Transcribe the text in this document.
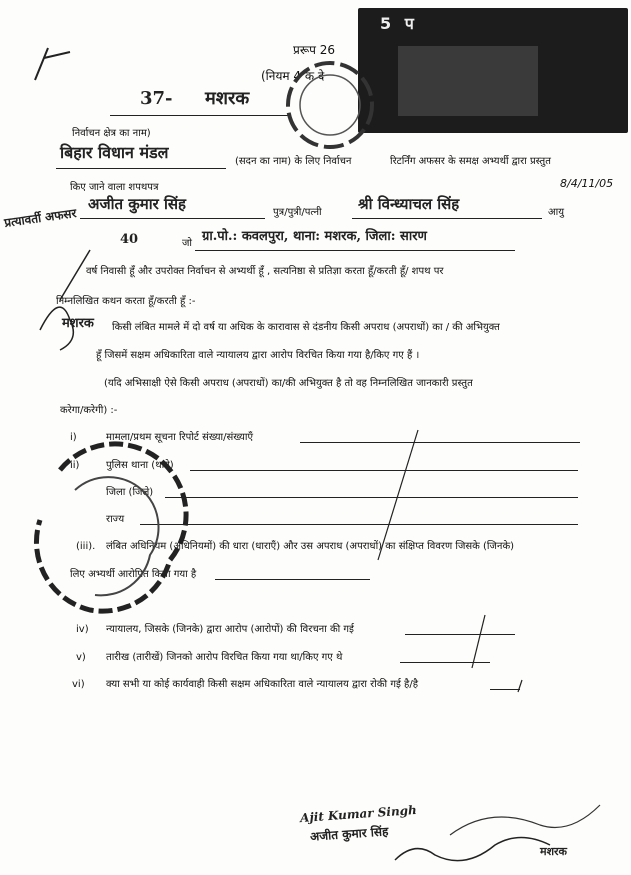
5 प
प्ररूप 26
(नियम 4 क दे
37- मशरक
निर्वाचन क्षेत्र का नाम)
बिहार विधान मंडल	(सदन का नाम) के लिए निर्वाचन	रिटर्निंग अफसर के समक्ष अभ्यर्थी द्वारा प्रस्तुत
किए जाने वाला शपथपत्र	8/4/11/05
अजीत कुमार सिंह	पुत्र/पुत्री/पत्नी श्री विन्ध्याचल सिंह	आयु
प्रत्यावर्ती अफसर
40	जो ग्रा.पो.: कवलपुरा, थाना: मशरक, जिला: सारण
वर्ष निवासी हूँ और उपरोक्त निर्वाचन से अभ्यर्थी हूँ , सत्यनिष्ठा से प्रतिज्ञा करता हूँ/करती हूँ/ शपथ पर
निम्नलिखित कथन करता हूँ/करती हूँ :-
किसी लंबित मामले में दो वर्ष या अधिक के कारावास से दंडनीय किसी अपराध (अपराधों) का / की अभियुक्त
हूँ जिसमें सक्षम अधिकारिता वाले न्यायालय द्वारा आरोप विरचित किया गया है/किए गए हैं ।
मशरक
(यदि अभिसाक्षी ऐसे किसी अपराध (अपराधों) का/की अभियुक्त है तो वह निम्नलिखित जानकारी प्रस्तुत
करेगा/करेगी) :-
i)	मामला/प्रथम सूचना रिपोर्ट संख्या/संख्याएँ
ii)	पुलिस थाना (थाने)
जिला (जिले)
राज्य
(iii). लंबित अधिनियम (अधिनियमों) की धारा (धाराएँ) और उस अपराध (अपराधों) का संक्षिप्त विवरण जिसके (जिनके)
लिए अभ्यर्थी आरोपित किया गया है
iv) न्यायालय, जिसके (जिनके) द्वारा आरोप (आरोपों) की विरचना की गई
v) तारीख (तारीखें) जिनको आरोप विरचित किया गया था/किए गए थे
vi) क्या सभी या कोई कार्यवाही किसी सक्षम अधिकारिता वाले न्यायालय द्वारा रोकी गई है/है
Ajit Kumar Singh
अजीत कुमार सिंह
मशरक
